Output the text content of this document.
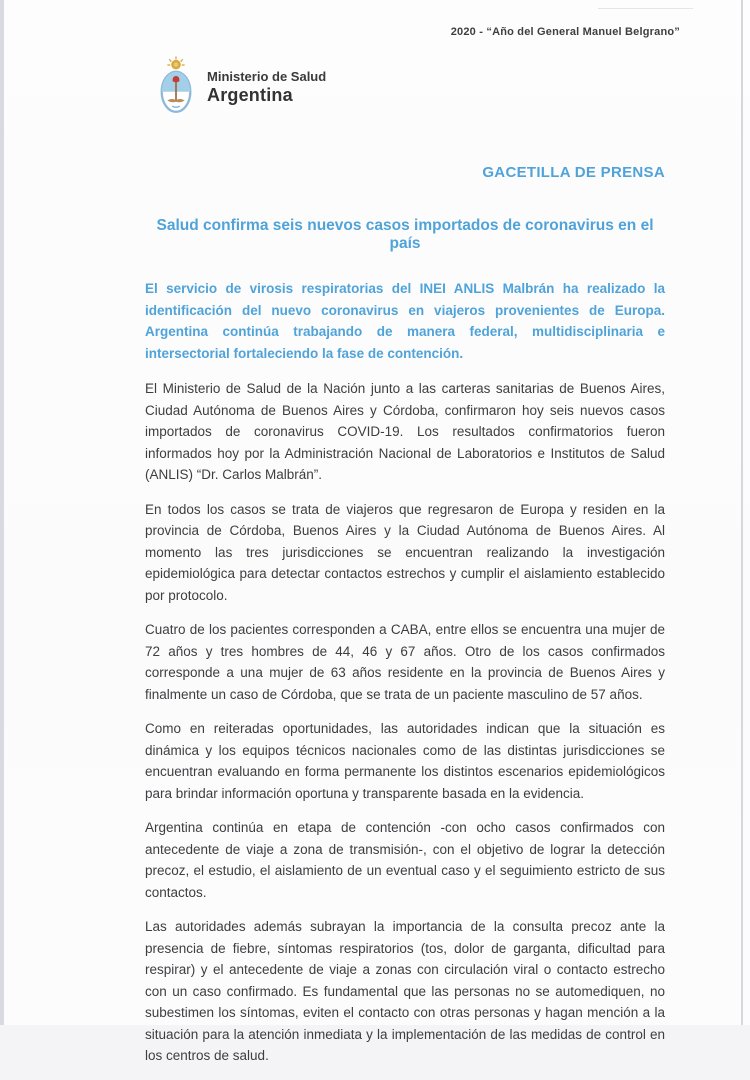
2020 - “Año del General Manuel Belgrano”
Ministerio de Salud
Argentina
GACETILLA DE PRENSA
Salud confirma seis nuevos casos importados de coronavirus en el país

El servicio de virosis respiratorias del INEI ANLIS Malbrán ha realizado la identificación del nuevo coronavirus en viajeros provenientes de Europa. Argentina continúa trabajando de manera federal, multidisciplinaria e intersectorial fortaleciendo la fase de contención.

El Ministerio de Salud de la Nación junto a las carteras sanitarias de Buenos Aires, Ciudad Autónoma de Buenos Aires y Córdoba, confirmaron hoy seis nuevos casos importados de coronavirus COVID-19. Los resultados confirmatorios fueron informados hoy por la Administración Nacional de Laboratorios e Institutos de Salud (ANLIS) “Dr. Carlos Malbrán”.

En todos los casos se trata de viajeros que regresaron de Europa y residen en la provincia de Córdoba, Buenos Aires y la Ciudad Autónoma de Buenos Aires. Al momento las tres jurisdicciones se encuentran realizando la investigación epidemiológica para detectar contactos estrechos y cumplir el aislamiento establecido por protocolo.

Cuatro de los pacientes corresponden a CABA, entre ellos se encuentra una mujer de 72 años y tres hombres de 44, 46 y 67 años. Otro de los casos confirmados corresponde a una mujer de 63 años residente en la provincia de Buenos Aires y finalmente un caso de Córdoba, que se trata de un paciente masculino de 57 años.

Como en reiteradas oportunidades, las autoridades indican que la situación es dinámica y los equipos técnicos nacionales como de las distintas jurisdicciones se encuentran evaluando en forma permanente los distintos escenarios epidemiológicos para brindar información oportuna y transparente basada en la evidencia.

Argentina continúa en etapa de contención -con ocho casos confirmados con antecedente de viaje a zona de transmisión-, con el objetivo de lograr la detección precoz, el estudio, el aislamiento de un eventual caso y el seguimiento estricto de sus contactos.

Las autoridades además subrayan la importancia de la consulta precoz ante la presencia de fiebre, síntomas respiratorios (tos, dolor de garganta, dificultad para respirar) y el antecedente de viaje a zonas con circulación viral o contacto estrecho con un caso confirmado. Es fundamental que las personas no se automediquen, no subestimen los síntomas, eviten el contacto con otras personas y hagan mención a la situación para la atención inmediata y la implementación de las medidas de control en los centros de salud.
